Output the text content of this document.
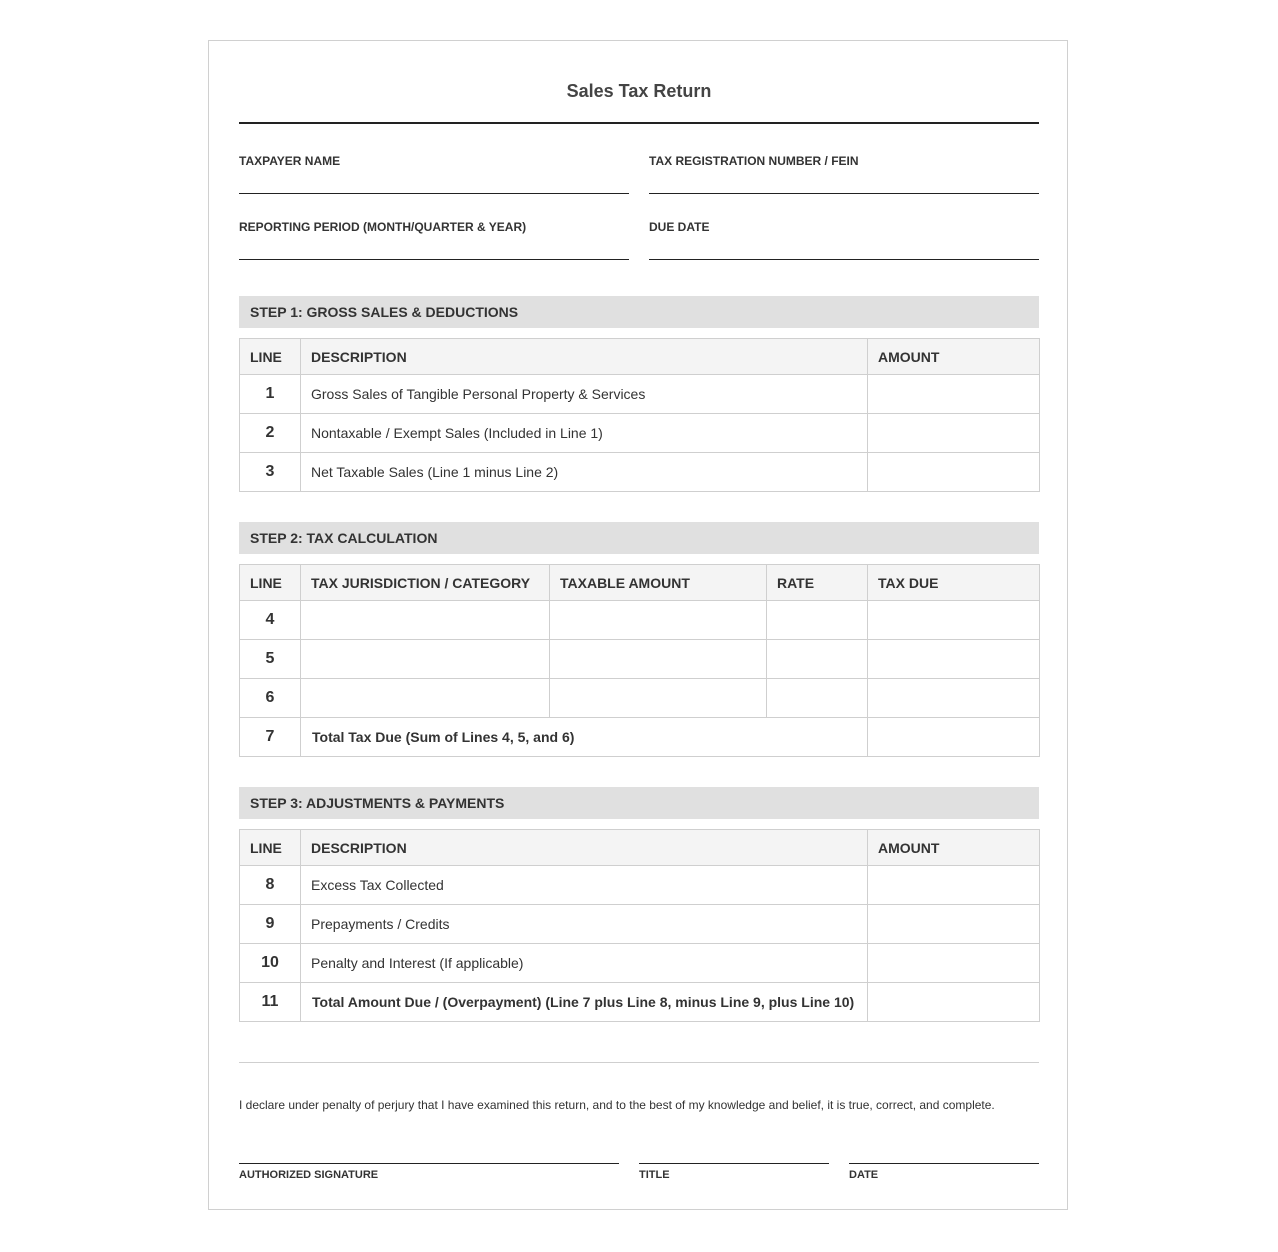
Sales Tax Return
TAXPAYER NAME	TAX REGISTRATION NUMBER / FEIN
REPORTING PERIOD (MONTH/QUARTER & YEAR)	DUE DATE
STEP 1: GROSS SALES & DEDUCTIONS
LINE	DESCRIPTION	AMOUNT
1	Gross Sales of Tangible Personal Property & Services	
2	Nontaxable / Exempt Sales (Included in Line 1)	
3	Net Taxable Sales (Line 1 minus Line 2)	
STEP 2: TAX CALCULATION
LINE	TAX JURISDICTION / CATEGORY	TAXABLE AMOUNT	RATE	TAX DUE
4				
5				
6				
7	Total Tax Due (Sum of Lines 4, 5, and 6)			
STEP 3: ADJUSTMENTS & PAYMENTS
LINE	DESCRIPTION	AMOUNT
8	Excess Tax Collected	
9	Prepayments / Credits	
10	Penalty and Interest (If applicable)	
11	Total Amount Due / (Overpayment) (Line 7 plus Line 8, minus Line 9, plus Line 10)	
I declare under penalty of perjury that I have examined this return, and to the best of my knowledge and belief, it is true, correct, and complete.
AUTHORIZED SIGNATURE	TITLE	DATE
